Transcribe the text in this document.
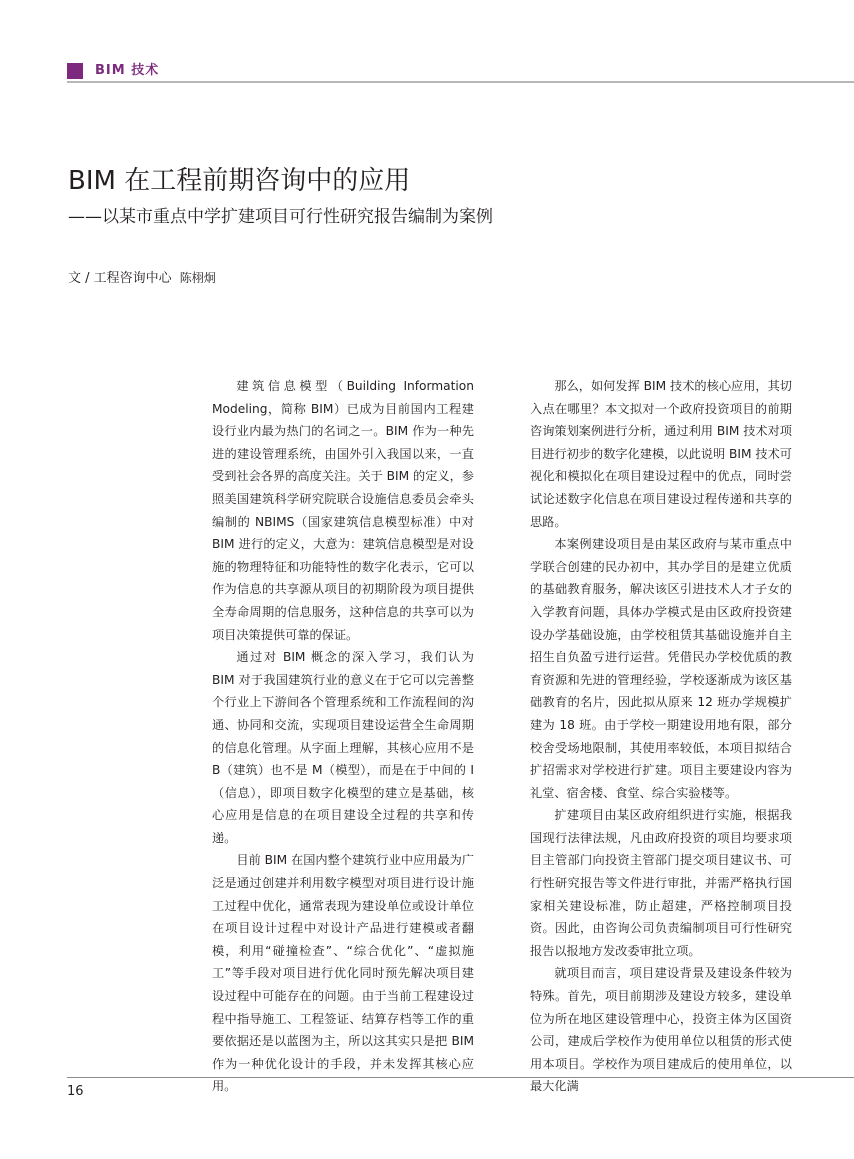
BIM 技术
BIM 在工程前期咨询中的应用
——以某市重点中学扩建项目可行性研究报告编制为案例
文 / 工程咨询中心 陈栩炯

建筑信息模型（Building Information Modeling，简称 BIM）已成为目前国内工程建设行业内最为热门的名词之一。BIM 作为一种先进的建设管理系统，由国外引入我国以来，一直受到社会各界的高度关注。关于 BIM 的定义，参照美国建筑科学研究院联合设施信息委员会牵头编制的 NBIMS（国家建筑信息模型标准）中对 BIM 进行的定义，大意为：建筑信息模型是对设施的物理特征和功能特性的数字化表示，它可以作为信息的共享源从项目的初期阶段为项目提供全寿命周期的信息服务，这种信息的共享可以为项目决策提供可靠的保证。

通过对 BIM 概念的深入学习，我们认为 BIM 对于我国建筑行业的意义在于它可以完善整个行业上下游间各个管理系统和工作流程间的沟通、协同和交流，实现项目建设运营全生命周期的信息化管理。从字面上理解，其核心应用不是 B（建筑）也不是 M（模型），而是在于中间的 I（信息），即项目数字化模型的建立是基础，核心应用是信息的在项目建设全过程的共享和传递。

目前 BIM 在国内整个建筑行业中应用最为广泛是通过创建并利用数字模型对项目进行设计施工过程中优化，通常表现为建设单位或设计单位在项目设计过程中对设计产品进行建模或者翻模，利用“碰撞检查”、“综合优化”、“虚拟施工”等手段对项目进行优化同时预先解决项目建设过程中可能存在的问题。由于当前工程建设过程中指导施工、工程签证、结算存档等工作的重要依据还是以蓝图为主，所以这其实只是把 BIM 作为一种优化设计的手段，并未发挥其核心应用。

那么，如何发挥 BIM 技术的核心应用，其切入点在哪里？本文拟对一个政府投资项目的前期咨询策划案例进行分析，通过利用 BIM 技术对项目进行初步的数字化建模，以此说明 BIM 技术可视化和模拟化在项目建设过程中的优点，同时尝试论述数字化信息在项目建设过程传递和共享的思路。

本案例建设项目是由某区政府与某市重点中学联合创建的民办初中，其办学目的是建立优质的基础教育服务，解决该区引进技术人才子女的入学教育问题，具体办学模式是由区政府投资建设办学基础设施，由学校租赁其基础设施并自主招生自负盈亏进行运营。凭借民办学校优质的教育资源和先进的管理经验，学校逐渐成为该区基础教育的名片，因此拟从原来 12 班办学规模扩建为 18 班。由于学校一期建设用地有限，部分校舍受场地限制，其使用率较低，本项目拟结合扩招需求对学校进行扩建。项目主要建设内容为礼堂、宿舍楼、食堂、综合实验楼等。

扩建项目由某区政府组织进行实施，根据我国现行法律法规，凡由政府投资的项目均要求项目主管部门向投资主管部门提交项目建议书、可行性研究报告等文件进行审批，并需严格执行国家相关建设标准，防止超建，严格控制项目投资。因此，由咨询公司负责编制项目可行性研究报告以报地方发改委审批立项。

就项目而言，项目建设背景及建设条件较为特殊。首先，项目前期涉及建设方较多，建设单位为所在地区建设管理中心，投资主体为区国资公司，建成后学校作为使用单位以租赁的形式使用本项目。学校作为项目建成后的使用单位，以最大化满

16
